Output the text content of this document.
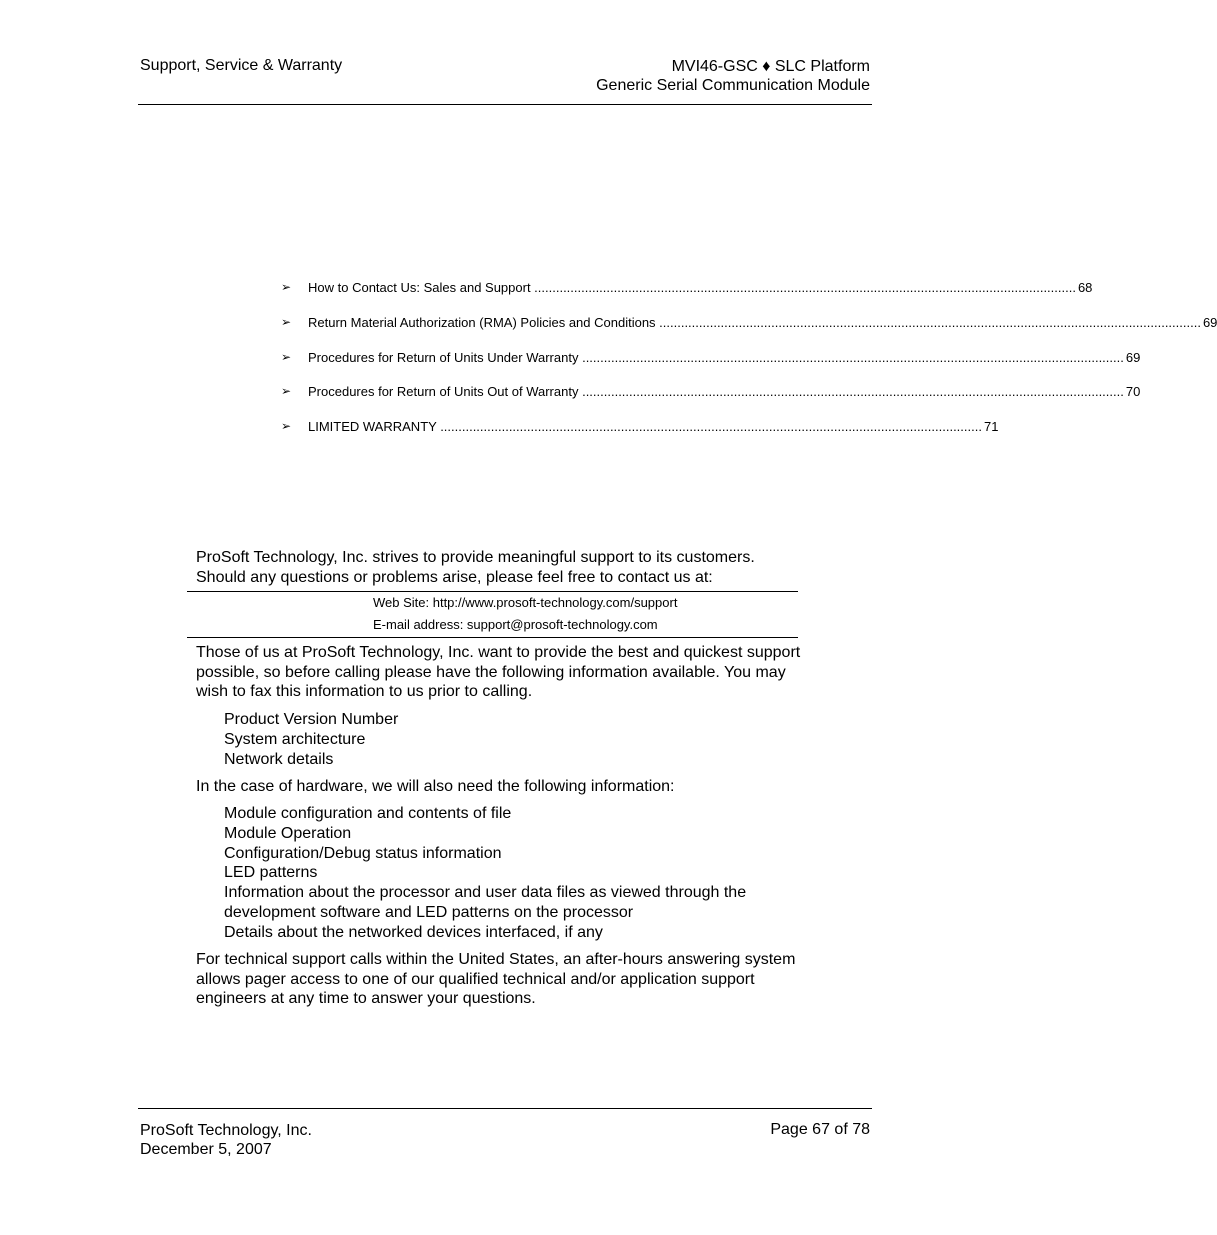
Support, Service & Warranty	MVI46-GSC ♦ SLC Platform
Generic Serial Communication Module
➢	How to Contact Us: Sales and Support .....	68
➢	Return Material Authorization (RMA) Policies and Conditions .....	69
➢	Procedures for Return of Units Under Warranty .....	69
➢	Procedures for Return of Units Out of Warranty .....	70
➢	LIMITED WARRANTY .....	71

ProSoft Technology, Inc. strives to provide meaningful support to its customers. Should any questions or problems arise, please feel free to contact us at:

Web Site: http://www.prosoft-technology.com/support
E-mail address: support@prosoft-technology.com

Those of us at ProSoft Technology, Inc. want to provide the best and quickest support possible, so before calling please have the following information available. You may wish to fax this information to us prior to calling.

Product Version Number
System architecture
Network details

In the case of hardware, we will also need the following information:

Module configuration and contents of file
Module Operation
Configuration/Debug status information
LED patterns
Information about the processor and user data files as viewed through the development software and LED patterns on the processor
Details about the networked devices interfaced, if any

For technical support calls within the United States, an after-hours answering system allows pager access to one of our qualified technical and/or application support engineers at any time to answer your questions.

ProSoft Technology, Inc.
December 5, 2007
Page 67 of 78
